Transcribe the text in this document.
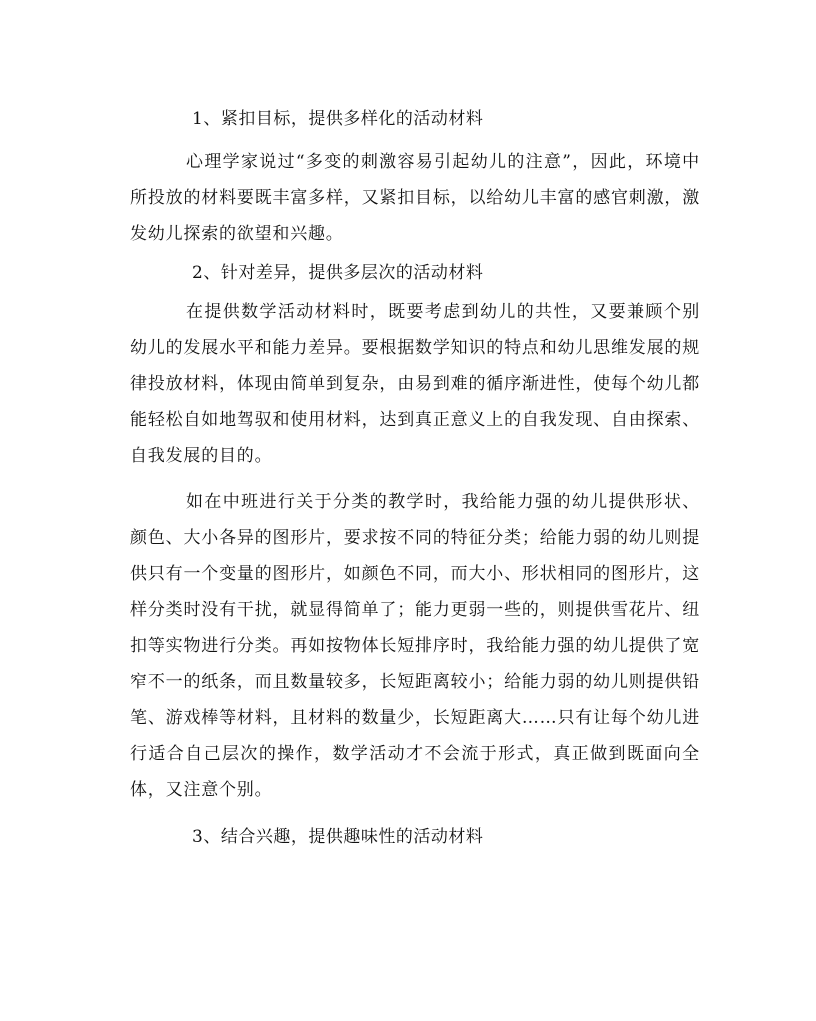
1、紧扣目标，提供多样化的活动材料

心理学家说过“多变的刺激容易引起幼儿的注意”，因此，环境中所投放的材料要既丰富多样，又紧扣目标，以给幼儿丰富的感官刺激，激发幼儿探索的欲望和兴趣。

2、针对差异，提供多层次的活动材料

在提供数学活动材料时，既要考虑到幼儿的共性，又要兼顾个别幼儿的发展水平和能力差异。要根据数学知识的特点和幼儿思维发展的规律投放材料，体现由简单到复杂，由易到难的循序渐进性，使每个幼儿都能轻松自如地驾驭和使用材料，达到真正意义上的自我发现、自由探索、自我发展的目的。

如在中班进行关于分类的教学时，我给能力强的幼儿提供形状、颜色、大小各异的图形片，要求按不同的特征分类；给能力弱的幼儿则提供只有一个变量的图形片，如颜色不同，而大小、形状相同的图形片，这样分类时没有干扰，就显得简单了；能力更弱一些的，则提供雪花片、纽扣等实物进行分类。再如按物体长短排序时，我给能力强的幼儿提供了宽窄不一的纸条，而且数量较多，长短距离较小；给能力弱的幼儿则提供铅笔、游戏棒等材料，且材料的数量少，长短距离大……只有让每个幼儿进行适合自己层次的操作，数学活动才不会流于形式，真正做到既面向全体，又注意个别。

3、结合兴趣，提供趣味性的活动材料
